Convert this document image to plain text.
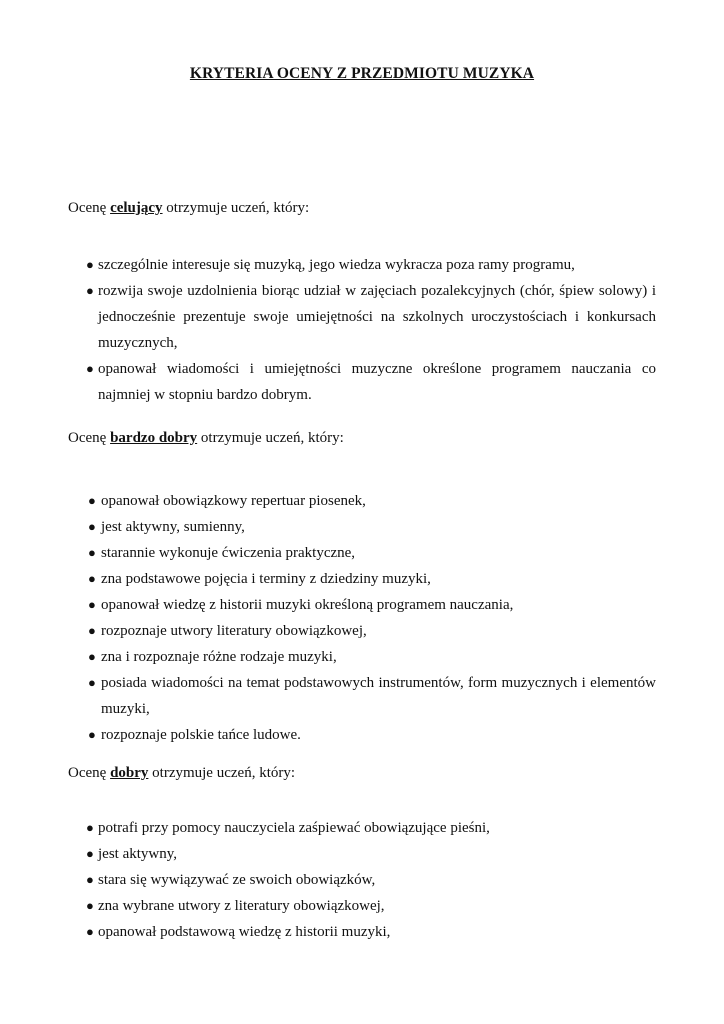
KRYTERIA OCENY Z PRZEDMIOTU MUZYKA

Ocenę celujący otrzymuje uczeń, który:

● szczególnie interesuje się muzyką, jego wiedza wykracza poza ramy programu,
● rozwija swoje uzdolnienia biorąc udział w zajęciach pozalekcyjnych (chór, śpiew solowy) i jednocześnie prezentuje swoje umiejętności na szkolnych uroczystościach i konkursach muzycznych,
● opanował wiadomości i umiejętności muzyczne określone programem nauczania co najmniej w stopniu bardzo dobrym.

Ocenę bardzo dobry otrzymuje uczeń, który:

● opanował obowiązkowy repertuar piosenek,
● jest aktywny, sumienny,
● starannie wykonuje ćwiczenia praktyczne,
● zna podstawowe pojęcia i terminy z dziedziny muzyki,
● opanował wiedzę z historii muzyki określoną programem nauczania,
● rozpoznaje utwory literatury obowiązkowej,
● zna i rozpoznaje różne rodzaje muzyki,
● posiada wiadomości na temat podstawowych instrumentów, form muzycznych i elementów muzyki,
● rozpoznaje polskie tańce ludowe.

Ocenę dobry otrzymuje uczeń, który:

● potrafi przy pomocy nauczyciela zaśpiewać obowiązujące pieśni,
● jest aktywny,
● stara się wywiązywać ze swoich obowiązków,
● zna wybrane utwory z literatury obowiązkowej,
● opanował podstawową wiedzę z historii muzyki,
